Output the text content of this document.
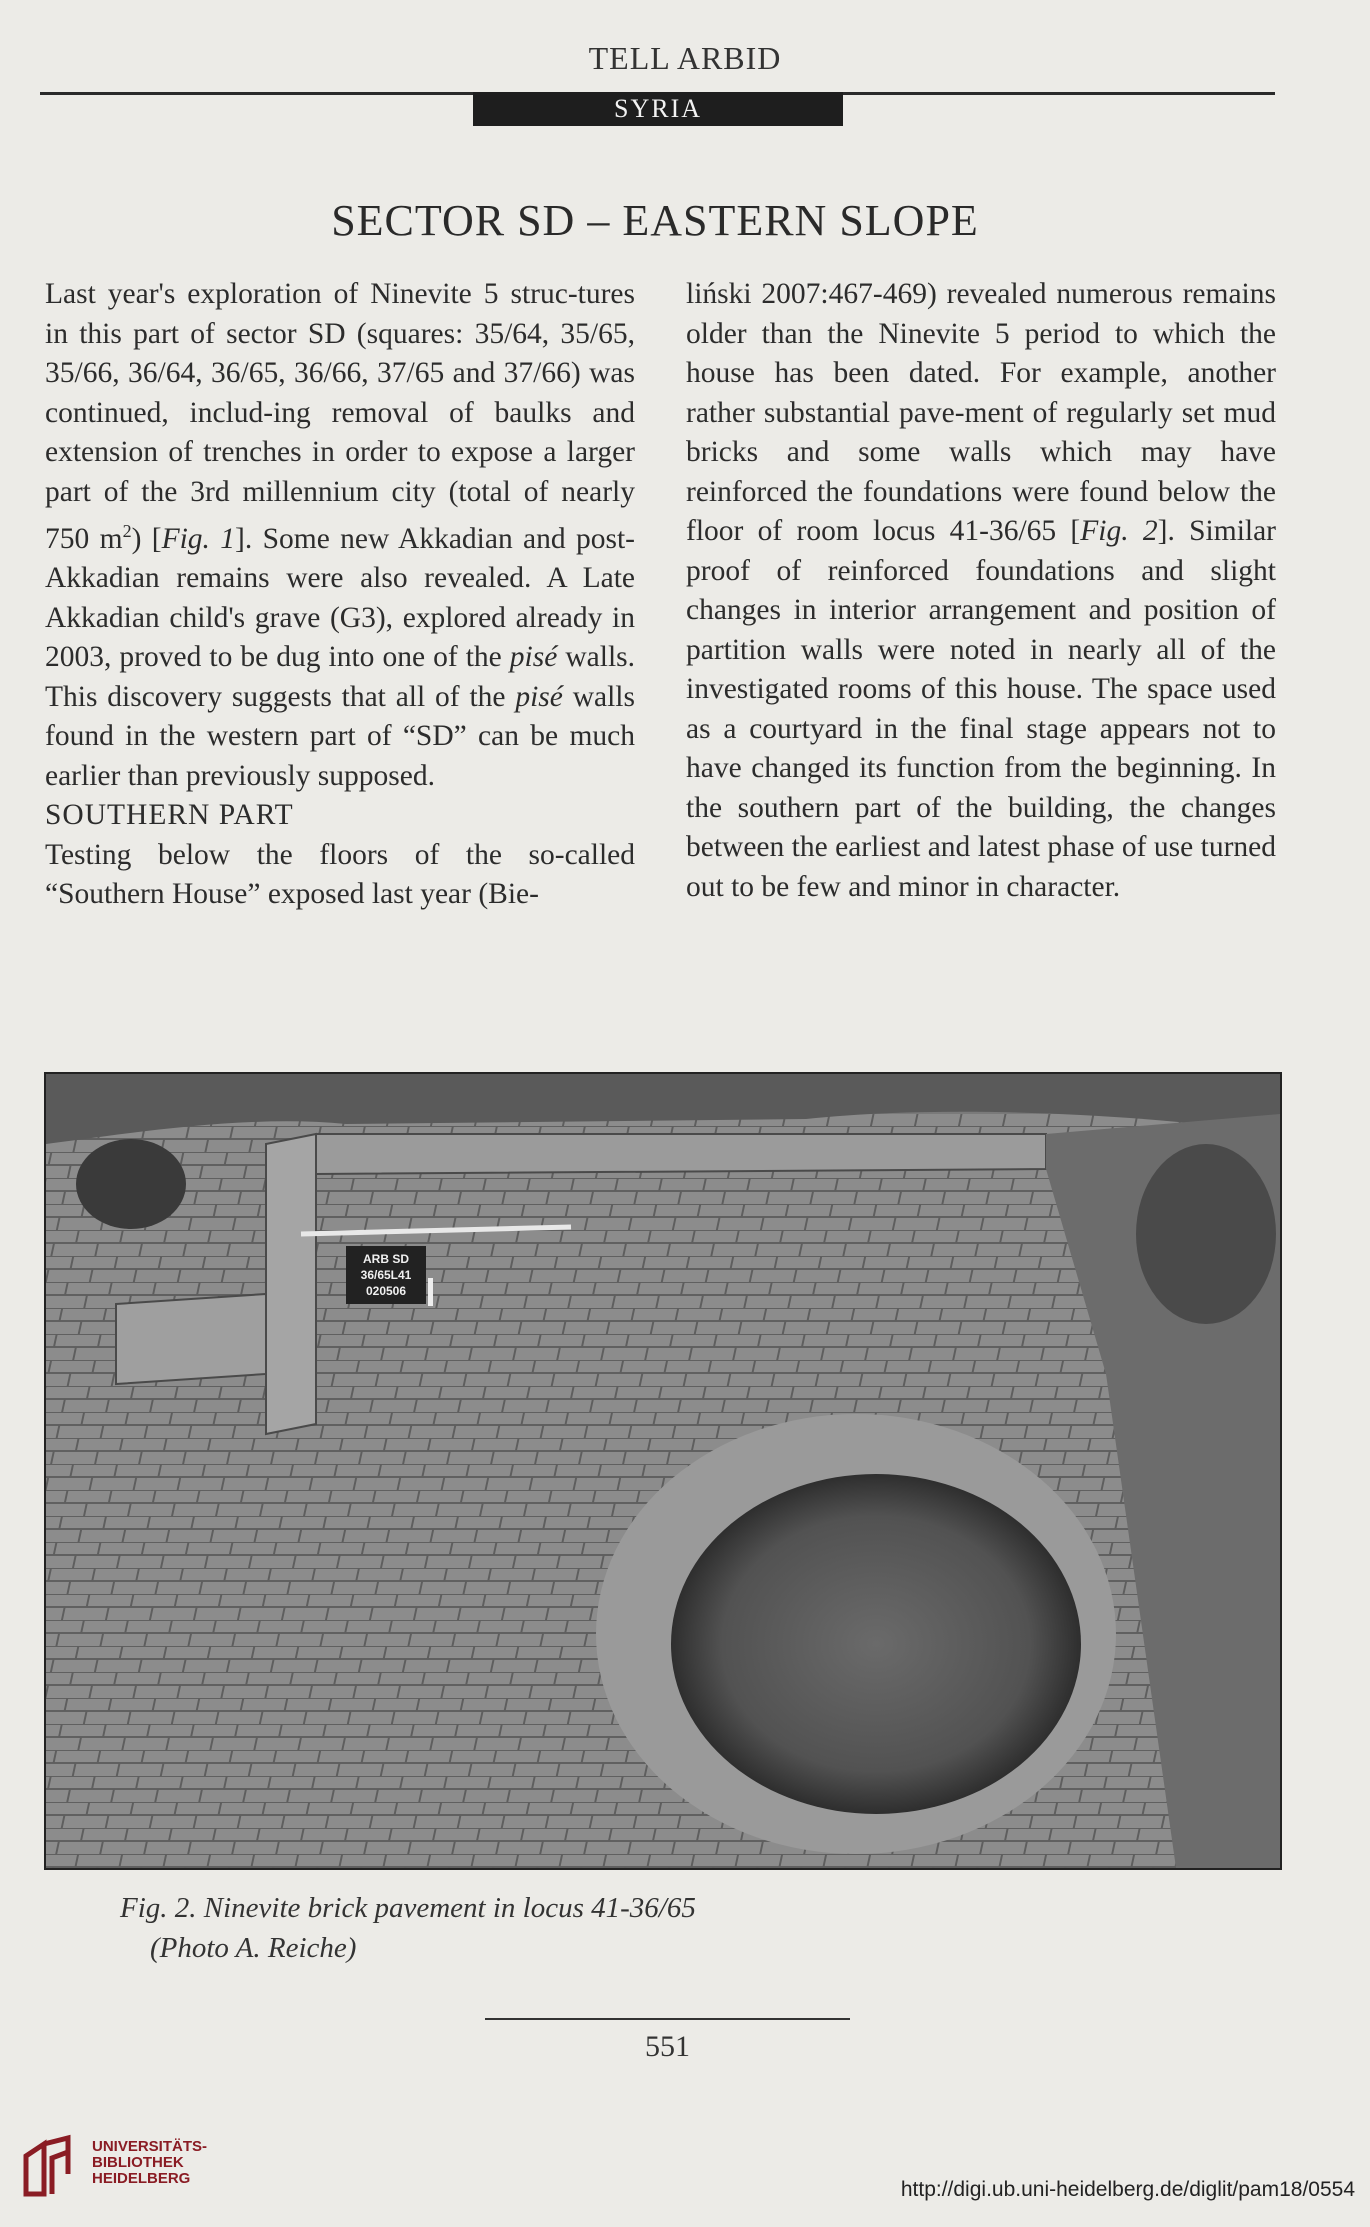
TELL ARBID
SYRIA
SECTOR SD – EASTERN SLOPE

Last year's exploration of Ninevite 5 struc-tures in this part of sector SD (squares: 35/64, 35/65, 35/66, 36/64, 36/65, 36/66, 37/65 and 37/66) was continued, includ-ing removal of baulks and extension of trenches in order to expose a larger part of the 3rd millennium city (total of nearly 750 $m^2$) [Fig. 1]. Some new Akkadian and post-Akkadian remains were also revealed. A Late Akkadian child's grave (G3), explored already in 2003, proved to be dug into one of the pisé walls. This discovery suggests that all of the pisé walls found in the western part of “SD” can be much earlier than previously supposed.

SOUTHERN PART

Testing below the floors of the so-called “Southern House” exposed last year (Bie-

liński 2007:467-469) revealed numerous remains older than the Ninevite 5 period to which the house has been dated. For example, another rather substantial pave-ment of regularly set mud bricks and some walls which may have reinforced the foundations were found below the floor of room locus 41-36/65 [Fig. 2]. Similar proof of reinforced foundations and slight changes in interior arrangement and position of partition walls were noted in nearly all of the investigated rooms of this house. The space used as a courtyard in the final stage appears not to have changed its function from the beginning. In the southern part of the building, the changes between the earliest and latest phase of use turned out to be few and minor in character.

ARB SD
36/65L41
020506
Fig. 2. Ninevite brick pavement in locus 41-36/65
(Photo A. Reiche)
551
UNIVERSITÄTS-
BIBLIOTHEK
HEIDELBERG	http://digi.ub.uni-heidelberg.de/diglit/pam18/0554
